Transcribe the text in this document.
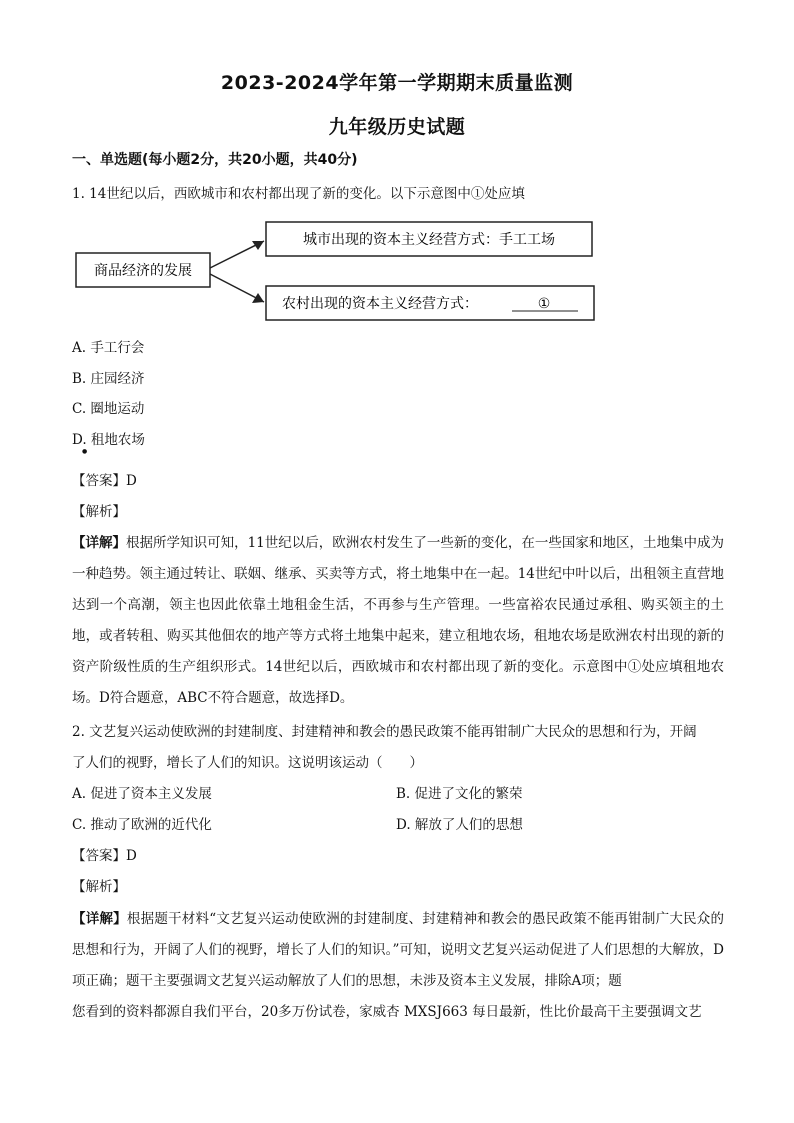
2023-2024学年第一学期期末质量监测
九年级历史试题
一、单选题(每小题2分，共20小题，共40分)
1. 14世纪以后，西欧城市和农村都出现了新的变化。以下示意图中①处应填
商品经济的发展
城市出现的资本主义经营方式：手工工场
农村出现的资本主义经营方式：	①
A. 手工行会
B. 庄园经济
C. 圈地运动
D. 租地农场
●
【答案】D
【解析】
【详解】根据所学知识可知，11世纪以后，欧洲农村发生了一些新的变化，在一些国家和地区，土地集中成为一种趋势。领主通过转让、联姻、继承、买卖等方式，将土地集中在一起。14世纪中叶以后，出租领主直营地达到一个高潮，领主也因此依靠土地租金生活，不再参与生产管理。一些富裕农民通过承租、购买领主的土地，或者转租、购买其他佃农的地产等方式将土地集中起来，建立租地农场，租地农场是欧洲农村出现的新的资产阶级性质的生产组织形式。14世纪以后，西欧城市和农村都出现了新的变化。示意图中①处应填租地农场。D符合题意，ABC不符合题意，故选择D。
2. 文艺复兴运动使欧洲的封建制度、封建精神和教会的愚民政策不能再钳制广大民众的思想和行为，开阔
了人们的视野，增长了人们的知识。这说明该运动（　　）
A. 促进了资本主义发展	B. 促进了文化的繁荣
C. 推动了欧洲的近代化	D. 解放了人们的思想
【答案】D
【解析】
【详解】根据题干材料“文艺复兴运动使欧洲的封建制度、封建精神和教会的愚民政策不能再钳制广大民众的思想和行为，开阔了人们的视野，增长了人们的知识。”可知，说明文艺复兴运动促进了人们思想的大解放，D项正确；题干主要强调文艺复兴运动解放了人们的思想，未涉及资本主义发展，排除A项；题
您看到的资料都源自我们平台，20多万份试卷，家威杏 MXSJ663 每日最新，性比价最高干主要强调文艺
